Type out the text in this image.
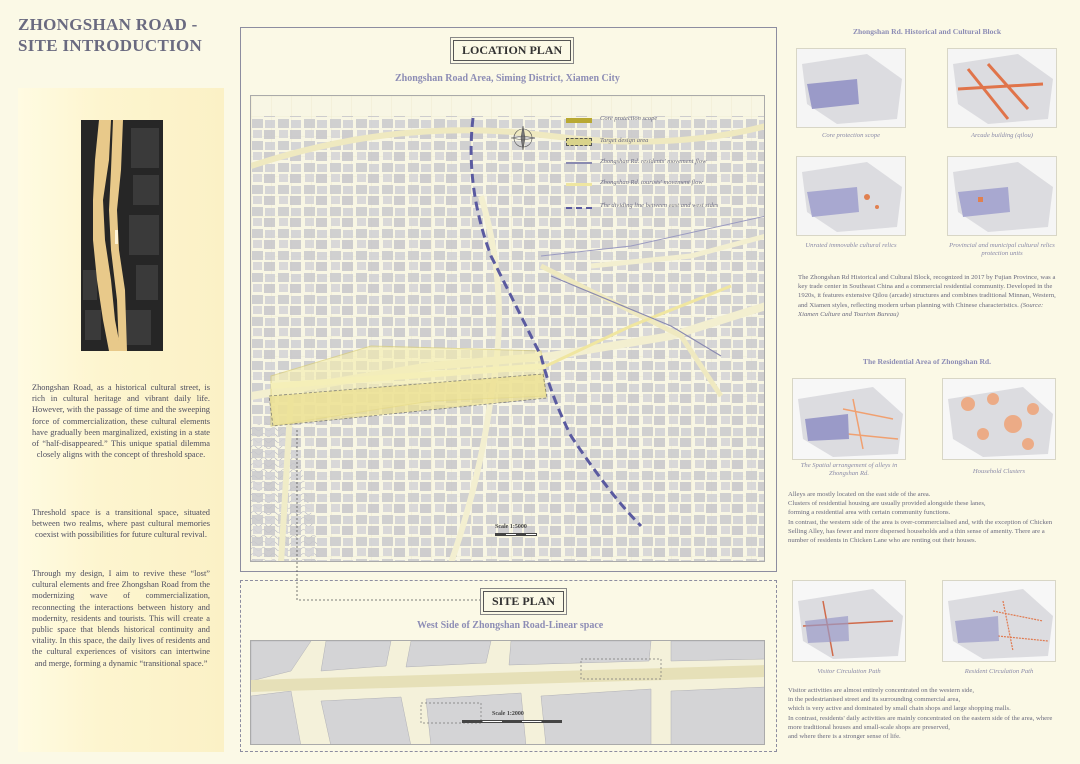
ZHONGSHAN ROAD -
SITE INTRODUCTION

Zhongshan Road, as a historical cultural street, is rich in cultural heritage and vibrant daily life. However, with the passage of time and the sweeping force of commercialization, these cultural elements have gradually been marginalized, existing in a state of “half-disappeared.” This unique spatial dilemma closely aligns with the concept of threshold space.

Threshold space is a transitional space, situated between two realms, where past cultural memories coexist with possibilities for future cultural revival.

Through my design, I aim to revive these “lost” cultural elements and free Zhongshan Road from the modernizing wave of commercialization, reconnecting the interactions between history and modernity, residents and tourists. This will create a public space that blends historical continuity and vitality. In this space, the daily lives of residents and the cultural experiences of visitors can intertwine and merge, forming a dynamic “transitional space.”

LOCATION PLAN
Zhongshan Road Area, Siming District, Xiamen City
Core protection scope
Target design area
Zhongshan Rd. residents' movement flow
Zhongshan Rd. tourists' movement flow
The dividing line between east and west sides
Scale 1:5000
SITE PLAN
West Side of Zhongshan Road-Linear space
Scale 1:2000
Zhongshan Rd. Historical and Cultural Block
Core protection scope	Arcade building (qilou)
Unrated immovable cultural relics	Provincial and municipal cultural relics protection units

The Zhongshan Rd Historical and Cultural Block, recognized in 2017 by Fujian Province, was a key trade center in Southeast China and a commercial residential community. Developed in the 1920s, it features extensive Qilou (arcade) structures and combines traditional Minnan, Western, and Xiamen styles, reflecting modern urban planning with Chinese characteristics. (Source: Xiamen Culture and Tourism Bureau)

The Residential Area of Zhongshan Rd.
The Spatial arrangement of alleys in Zhongshan Rd.	Household Clusters
Alleys are mostly located on the east side of the area.
Clusters of residential housing are usually provided alongside these lanes,
forming a residential area with certain community functions.
In contrast, the western side of the area is over-commercialised and, with the exception of Chicken Selling Alley, has fewer and more dispersed households and a thin sense of amenity. There are a number of residents in Chicken Lane who are renting out their houses.
Visitor Circulation Path	Resident Circulation Path
Visitor activities are almost entirely concentrated on the western side,
in the pedestrianised street and its surrounding commercial area,
which is very active and dominated by small chain shops and large shopping malls.
In contrast, residents' daily activities are mainly concentrated on the eastern side of the area, where more traditional houses and small-scale shops are preserved,
and where there is a stronger sense of life.
